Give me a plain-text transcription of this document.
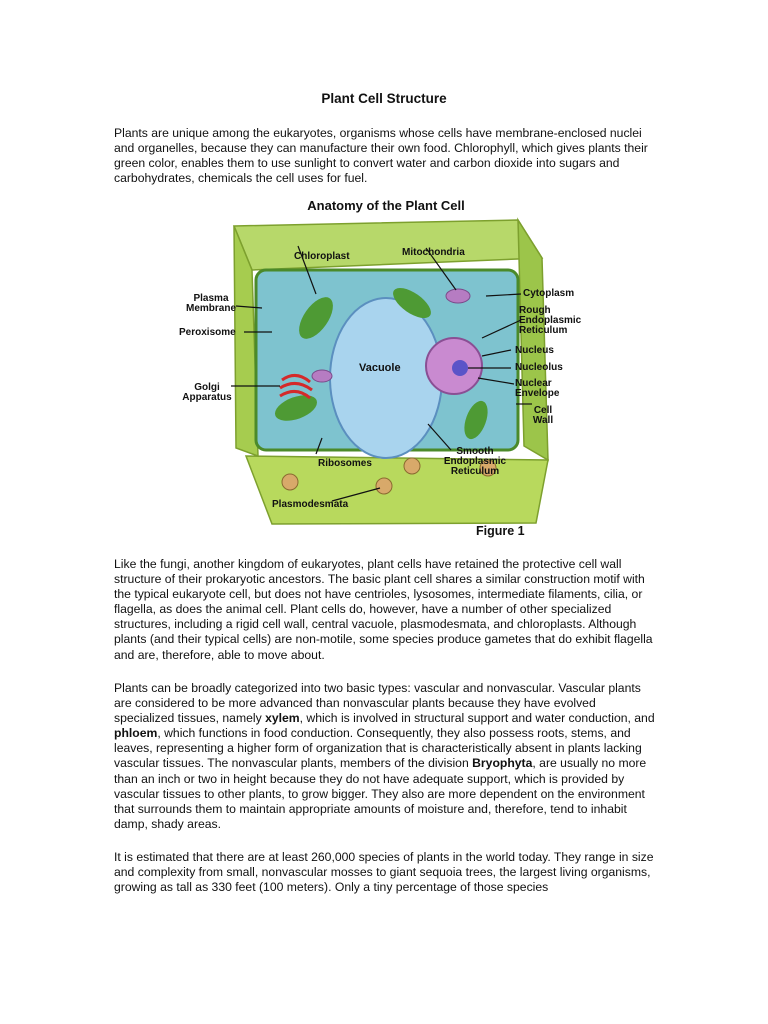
Plant Cell Structure

Plants are unique among the eukaryotes, organisms whose cells have membrane-enclosed nuclei and organelles, because they can manufacture their own food. Chlorophyll, which gives plants their green color, enables them to use sunlight to convert water and carbon dioxide into sugars and carbohydrates, chemicals the cell uses for fuel.

Anatomy of the Plant Cell
Chloroplast	Mitochondria
Cytoplasm
Rough Endoplasmic Reticulum
Plasma Membrane
Peroxisome
Vacuole
Nucleus
Nucleolus
Nuclear Envelope
Golgi Apparatus
Cell Wall
Ribosomes
Smooth Endoplasmic Reticulum
Plasmodesmata
Figure 1

Like the fungi, another kingdom of eukaryotes, plant cells have retained the protective cell wall structure of their prokaryotic ancestors. The basic plant cell shares a similar construction motif with the typical eukaryote cell, but does not have centrioles, lysosomes, intermediate filaments, cilia, or flagella, as does the animal cell. Plant cells do, however, have a number of other specialized structures, including a rigid cell wall, central vacuole, plasmodesmata, and chloroplasts. Although plants (and their typical cells) are non-motile, some species produce gametes that do exhibit flagella and are, therefore, able to move about.

Plants can be broadly categorized into two basic types: vascular and nonvascular. Vascular plants are considered to be more advanced than nonvascular plants because they have evolved specialized tissues, namely xylem, which is involved in structural support and water conduction, and phloem, which functions in food conduction. Consequently, they also possess roots, stems, and leaves, representing a higher form of organization that is characteristically absent in plants lacking vascular tissues. The nonvascular plants, members of the division Bryophyta, are usually no more than an inch or two in height because they do not have adequate support, which is provided by vascular tissues to other plants, to grow bigger. They also are more dependent on the environment that surrounds them to maintain appropriate amounts of moisture and, therefore, tend to inhabit damp, shady areas.

It is estimated that there are at least 260,000 species of plants in the world today. They range in size and complexity from small, nonvascular mosses to giant sequoia trees, the largest living organisms, growing as tall as 330 feet (100 meters). Only a tiny percentage of those species
